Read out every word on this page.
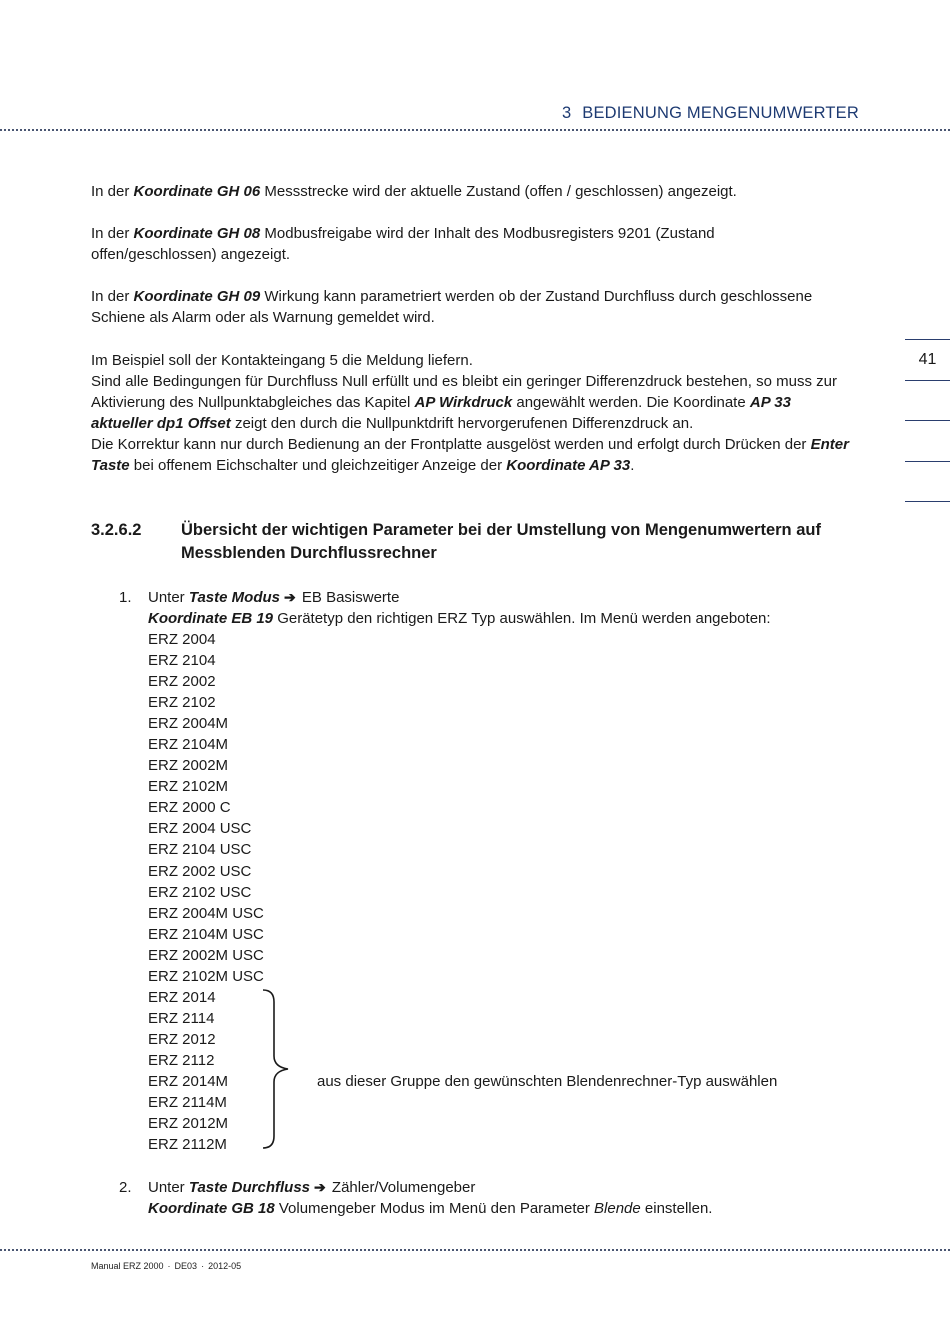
3 BEDIENUNG MENGENUMWERTER
41

In der Koordinate GH 06 Messstrecke wird der aktuelle Zustand (offen / geschlossen) angezeigt.

In der Koordinate GH 08 Modbusfreigabe wird der Inhalt des Modbusregisters 9201 (Zustand offen/geschlossen) angezeigt.

In der Koordinate GH 09 Wirkung kann parametriert werden ob der Zustand Durchfluss durch geschlossene Schiene als Alarm oder als Warnung gemeldet wird.

Im Beispiel soll der Kontakteingang 5 die Meldung liefern.

Sind alle Bedingungen für Durchfluss Null erfüllt und es bleibt ein geringer Differenzdruck bestehen, so muss zur Aktivierung des Nullpunktabgleiches das Kapitel AP Wirkdruck angewählt werden. Die Koordinate AP 33 aktueller dp1 Offset zeigt den durch die Nullpunktdrift hervorgerufenen Differenzdruck an.

Die Korrektur kann nur durch Bedienung an der Frontplatte ausgelöst werden und erfolgt durch Drücken der Enter Taste bei offenem Eichschalter und gleichzeitiger Anzeige der Koordinate AP 33.

3.2.6.2 Übersicht der wichtigen Parameter bei der Umstellung von Mengenumwertern auf Messblenden Durchflussrechner
1. Unter Taste Modus ➔ EB Basiswerte
Koordinate EB 19 Gerätetyp den richtigen ERZ Typ auswählen. Im Menü werden angeboten:
ERZ 2004
ERZ 2104
ERZ 2002
ERZ 2102
ERZ 2004M
ERZ 2104M
ERZ 2002M
ERZ 2102M
ERZ 2000 C
ERZ 2004 USC
ERZ 2104 USC
ERZ 2002 USC
ERZ 2102 USC
ERZ 2004M USC
ERZ 2104M USC
ERZ 2002M USC
ERZ 2102M USC
ERZ 2014
ERZ 2114
ERZ 2012
ERZ 2112
ERZ 2014M
ERZ 2114M
ERZ 2012M
ERZ 2112M
aus dieser Gruppe den gewünschten Blendenrechner-Typ auswählen
2. Unter Taste Durchfluss ➔ Zähler/Volumengeber
Koordinate GB 18 Volumengeber Modus im Menü den Parameter Blende einstellen.
Manual ERZ 2000 · DE03 · 2012-05
